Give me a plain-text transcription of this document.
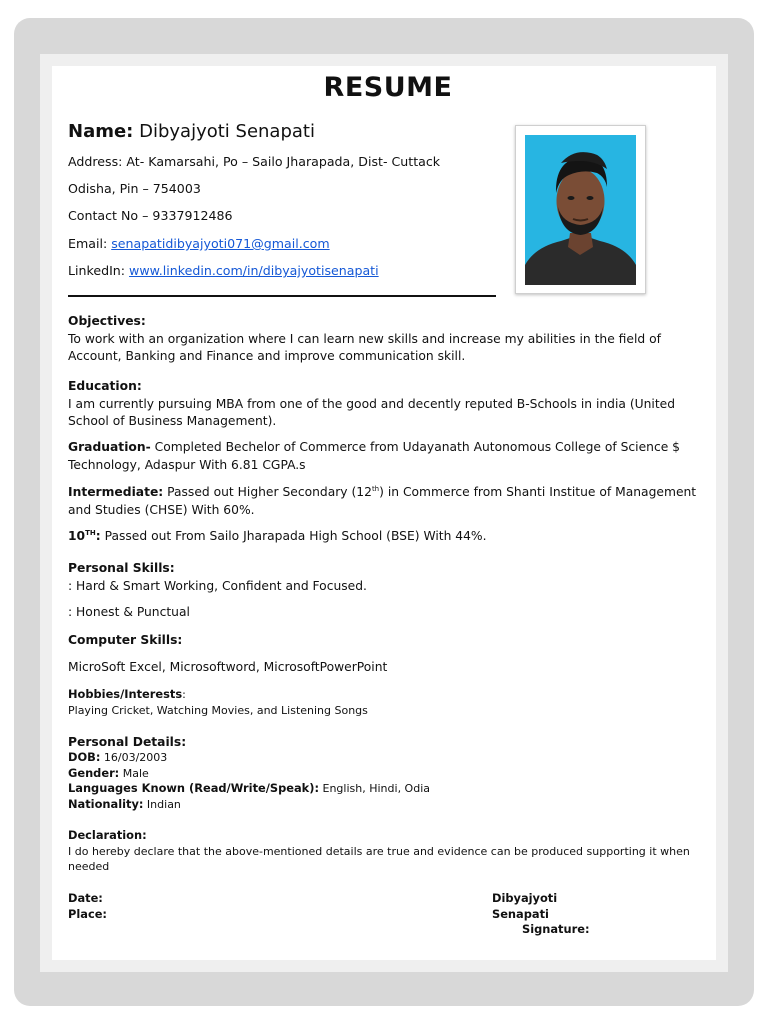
RESUME
Name: Dibyajyoti Senapati
Address: At- Kamarsahi, Po – Sailo Jharapada, Dist- Cuttack
Odisha, Pin – 754003
Contact No – 9337912486
Email: senapatidibyajyoti071@gmail.com
LinkedIn: www.linkedin.com/in/dibyajyotisenapati
Objectives:
To work with an organization where I can learn new skills and increase my abilities in the field of Account, Banking and Finance and improve communication skill.
Education:
I am currently pursuing MBA from one of the good and decently reputed B-Schools in india (United School of Business Management).
Graduation- Completed Bechelor of Commerce from Udayanath Autonomous College of Science $ Technology, Adaspur With 6.81 CGPA.s
Intermediate: Passed out Higher Secondary (12th) in Commerce from Shanti Institue of Management and Studies (CHSE) With 60%.
10TH: Passed out From Sailo Jharapada High School (BSE) With 44%.
Personal Skills:
: Hard & Smart Working, Confident and Focused.
: Honest & Punctual
Computer Skills:
MicroSoft Excel, Microsoftword, MicrosoftPowerPoint
Hobbies/Interests:
Playing Cricket, Watching Movies, and Listening Songs
Personal Details:
DOB: 16/03/2003
Gender: Male
Languages Known (Read/Write/Speak): English, Hindi, Odia
Nationality: Indian
Declaration:
I do hereby declare that the above-mentioned details are true and evidence can be produced supporting it when needed
Date:
Place:
Dibyajyoti Senapati
Signature:
